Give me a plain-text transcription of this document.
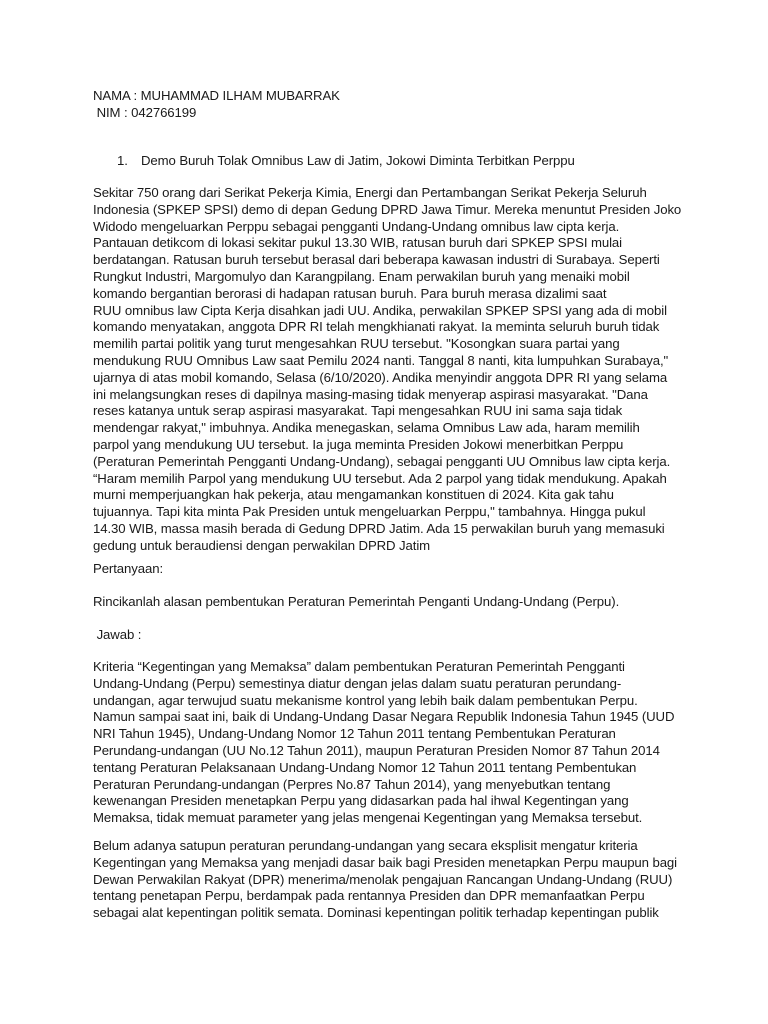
NAMA : MUHAMMAD ILHAM MUBARRAK
NIM : 042766199
1. Demo Buruh Tolak Omnibus Law di Jatim, Jokowi Diminta Terbitkan Perppu
Sekitar 750 orang dari Serikat Pekerja Kimia, Energi dan Pertambangan Serikat Pekerja Seluruh
Indonesia (SPKEP SPSI) demo di depan Gedung DPRD Jawa Timur. Mereka menuntut Presiden Joko
Widodo mengeluarkan Perppu sebagai pengganti Undang-Undang omnibus law cipta kerja.
Pantauan detikcom di lokasi sekitar pukul 13.30 WIB, ratusan buruh dari SPKEP SPSI mulai
berdatangan. Ratusan buruh tersebut berasal dari beberapa kawasan industri di Surabaya. Seperti
Rungkut Industri, Margomulyo dan Karangpilang. Enam perwakilan buruh yang menaiki mobil
komando bergantian berorasi di hadapan ratusan buruh. Para buruh merasa dizalimi saat
RUU omnibus law Cipta Kerja disahkan jadi UU. Andika, perwakilan SPKEP SPSI yang ada di mobil
komando menyatakan, anggota DPR RI telah mengkhianati rakyat. Ia meminta seluruh buruh tidak
memilih partai politik yang turut mengesahkan RUU tersebut. "Kosongkan suara partai yang
mendukung RUU Omnibus Law saat Pemilu 2024 nanti. Tanggal 8 nanti, kita lumpuhkan Surabaya,"
ujarnya di atas mobil komando, Selasa (6/10/2020). Andika menyindir anggota DPR RI yang selama
ini melangsungkan reses di dapilnya masing-masing tidak menyerap aspirasi masyarakat. "Dana
reses katanya untuk serap aspirasi masyarakat. Tapi mengesahkan RUU ini sama saja tidak
mendengar rakyat," imbuhnya. Andika menegaskan, selama Omnibus Law ada, haram memilih
parpol yang mendukung UU tersebut. Ia juga meminta Presiden Jokowi menerbitkan Perppu
(Peraturan Pemerintah Pengganti Undang-Undang), sebagai pengganti UU Omnibus law cipta kerja.
“Haram memilih Parpol yang mendukung UU tersebut. Ada 2 parpol yang tidak mendukung. Apakah
murni memperjuangkan hak pekerja, atau mengamankan konstituen di 2024. Kita gak tahu
tujuannya. Tapi kita minta Pak Presiden untuk mengeluarkan Perppu," tambahnya. Hingga pukul
14.30 WIB, massa masih berada di Gedung DPRD Jatim. Ada 15 perwakilan buruh yang memasuki
gedung untuk beraudiensi dengan perwakilan DPRD Jatim
Pertanyaan:
Rincikanlah alasan pembentukan Peraturan Pemerintah Penganti Undang-Undang (Perpu).
Jawab :
Kriteria “Kegentingan yang Memaksa” dalam pembentukan Peraturan Pemerintah Pengganti
Undang-Undang (Perpu) semestinya diatur dengan jelas dalam suatu peraturan perundang-
undangan, agar terwujud suatu mekanisme kontrol yang lebih baik dalam pembentukan Perpu.
Namun sampai saat ini, baik di Undang-Undang Dasar Negara Republik Indonesia Tahun 1945 (UUD
NRI Tahun 1945), Undang-Undang Nomor 12 Tahun 2011 tentang Pembentukan Peraturan
Perundang-undangan (UU No.12 Tahun 2011), maupun Peraturan Presiden Nomor 87 Tahun 2014
tentang Peraturan Pelaksanaan Undang-Undang Nomor 12 Tahun 2011 tentang Pembentukan
Peraturan Perundang-undangan (Perpres No.87 Tahun 2014), yang menyebutkan tentang
kewenangan Presiden menetapkan Perpu yang didasarkan pada hal ihwal Kegentingan yang
Memaksa, tidak memuat parameter yang jelas mengenai Kegentingan yang Memaksa tersebut.
Belum adanya satupun peraturan perundang-undangan yang secara eksplisit mengatur kriteria
Kegentingan yang Memaksa yang menjadi dasar baik bagi Presiden menetapkan Perpu maupun bagi
Dewan Perwakilan Rakyat (DPR) menerima/menolak pengajuan Rancangan Undang-Undang (RUU)
tentang penetapan Perpu, berdampak pada rentannya Presiden dan DPR memanfaatkan Perpu
sebagai alat kepentingan politik semata. Dominasi kepentingan politik terhadap kepentingan publik
